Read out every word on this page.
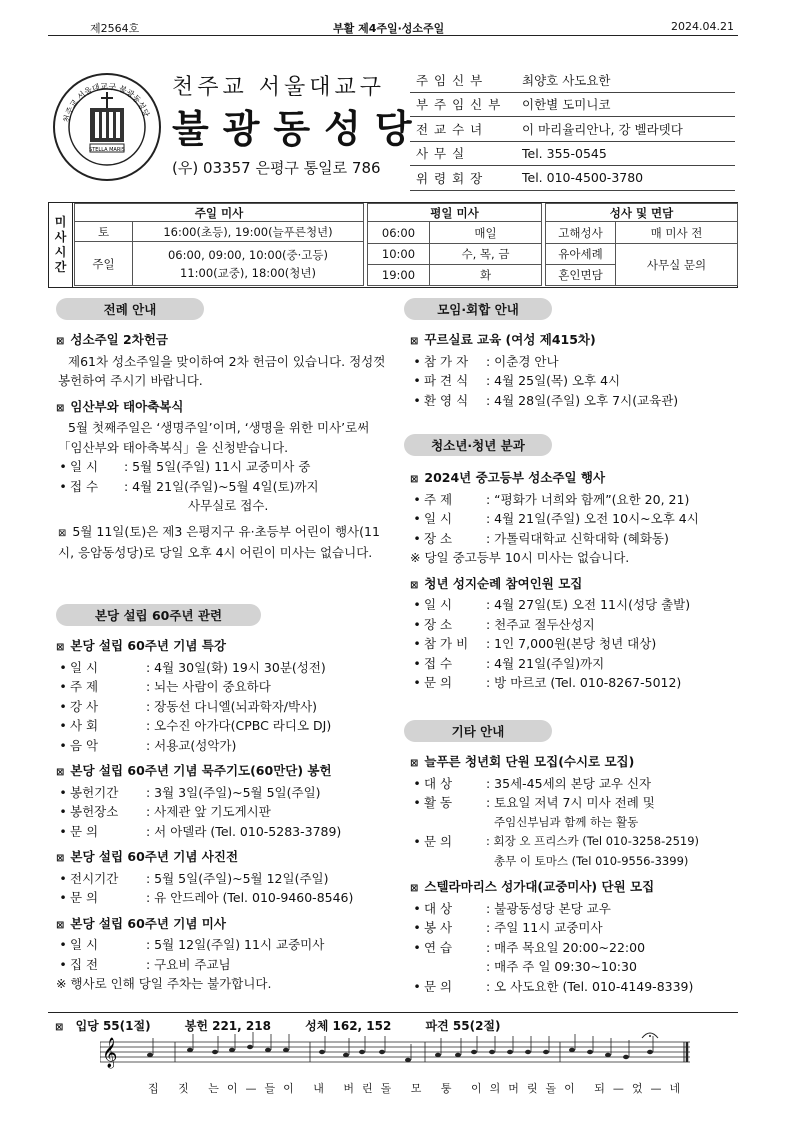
제2564호	부활 제4주일·성소주일	2024.04.21
STELLA MARIS
천주교 서울대교구 불광동성당
천주교 서울대교구
불광동성당
(우) 03357 은평구 통일로 786
주 임 신 부	최양호 사도요한
부 주 임 신 부	이한별 도미니코
전 교 수 녀	이 마리율리안나, 강 벨라뎃다
사 무 실	Tel. 355-0545
위 령 회 장	Tel. 010-4500-3780
미
사
시
간
주일 미사	
토	16:00(초등), 19:00(늘푸른청년)
주일	06:00, 09:00, 10:00(중·고등)
11:00(교중), 18:00(청년)
평일 미사	
06:00	매일
10:00	수, 목, 금
19:00	화
성사 및 면담	
고해성사	매 미사 전
유아세례	사무실 문의
혼인면담	
전례 안내
⊠ 성소주일 2차헌금
제61차 성소주일을 맞이하여 2차 헌금이 있습니다. 정성껏 봉헌하여 주시기 바랍니다.
⊠ 임산부와 태아축복식
5월 첫째주일은 ‘생명주일’이며, ‘생명을 위한 미사’로써 「임산부와 태아축복식」을 신청받습니다.
• 일 시	: 5월 5일(주일) 11시 교중미사 중
• 접 수	: 4월 21일(주일)~5월 4일(토)까지
사무실로 접수.
⊠ 5월 11일(토)은 제3 은평지구 유·초등부 어린이 행사(11시, 응암동성당)로 당일 오후 4시 어린이 미사는 없습니다.
본당 설립 60주년 관련
⊠ 본당 설립 60주년 기념 특강
• 일 시	: 4월 30일(화) 19시 30분(성전)
• 주 제	: 뇌는 사람이 중요하다
• 강 사	: 장동선 다니엘(뇌과학자/박사)
• 사 회	: 오수진 아가다(CPBC 라디오 DJ)
• 음 악	: 서용교(성악가)
⊠ 본당 설립 60주년 기념 묵주기도(60만단) 봉헌
• 봉헌기간	: 3월 3일(주일)~5월 5일(주일)
• 봉헌장소	: 사제관 앞 기도게시판
• 문 의	: 서 아델라 (Tel. 010-5283-3789)
⊠ 본당 설립 60주년 기념 사진전
• 전시기간	: 5월 5일(주일)~5월 12일(주일)
• 문 의	: 유 안드레아 (Tel. 010-9460-8546)
⊠ 본당 설립 60주년 기념 미사
• 일 시	: 5월 12일(주일) 11시 교중미사
• 집 전	: 구요비 주교님
※ 행사로 인해 당일 주차는 불가합니다.
모임·회합 안내
⊠ 꾸르실료 교육 (여성 제415차)
• 참 가 자	: 이춘경 안나
• 파 견 식	: 4월 25일(목) 오후 4시
• 환 영 식	: 4월 28일(주일) 오후 7시(교육관)
청소년·청년 분과
⊠ 2024년 중고등부 성소주일 행사
• 주 제	: “평화가 너희와 함께”(요한 20, 21)
• 일 시	: 4월 21일(주일) 오전 10시~오후 4시
• 장 소	: 가톨릭대학교 신학대학 (혜화동)
※ 당일 중고등부 10시 미사는 없습니다.
⊠ 청년 성지순례 참여인원 모집
• 일 시	: 4월 27일(토) 오전 11시(성당 출발)
• 장 소	: 천주교 절두산성지
• 참 가 비	: 1인 7,000원(본당 청년 대상)
• 접 수	: 4월 21일(주일)까지
• 문 의	: 방 마르코 (Tel. 010-8267-5012)
기타 안내
⊠ 늘푸른 청년회 단원 모집(수시로 모집)
• 대 상	: 35세-45세의 본당 교우 신자
• 활 동	: 토요일 저녁 7시 미사 전례 및
주임신부님과 함께 하는 활동
• 문 의	: 회장 오 프리스카 (Tel 010-3258-2519)
총무 이 토마스 (Tel 010-9556-3399)
⊠ 스텔라마리스 성가대(교중미사) 단원 모집
• 대 상	: 불광동성당 본당 교우
• 봉 사	: 주일 11시 교중미사
• 연 습	: 매주 목요일 20:00~22:00
: 매주 주 일 09:30~10:30
• 문 의	: 오 사도요한 (Tel. 010-4149-8339)
⊠ 입당 55(1절)	봉헌 221, 218	성체 162, 152	파견 55(2절)
𝄞
집 짓 는이—들이 내 버린돌 모 퉁 이의머릿돌이 되—었—네
